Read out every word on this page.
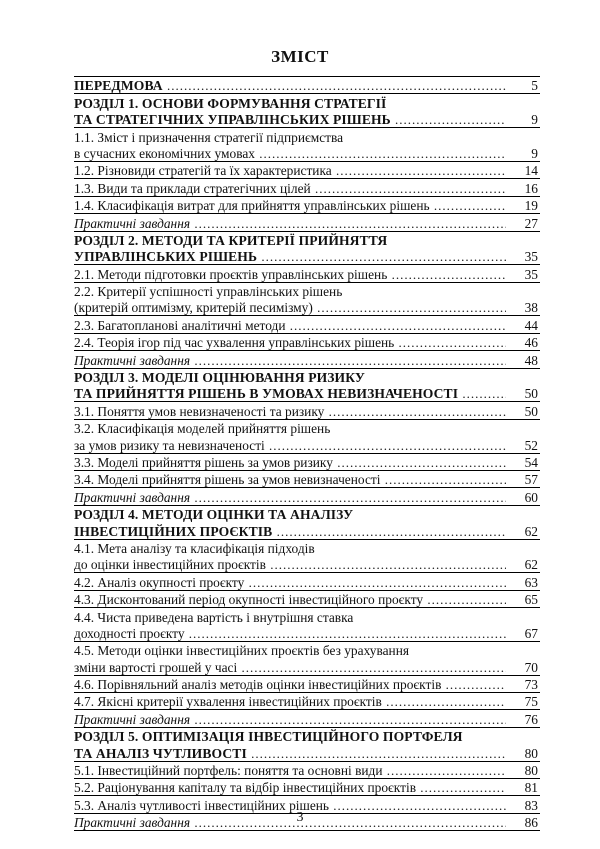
ЗМІСТ
ПЕРЕДМОВА.....	5

РОЗДІЛ 1. ОСНОВИ ФОРМУВАННЯ СТРАТЕГІЇ	

ТА СТРАТЕГІЧНИХ УПРАВЛІНСЬКИХ РІШЕНЬ.....	9

1.1. Зміст і призначення стратегії підприємства	

в сучасних економічних умовах.....	9

1.2. Різновиди стратегій та їх характеристика.....	14

1.3. Види та приклади стратегічних цілей.....	16

1.4. Класифікація витрат для прийняття управлінських рішень.....	19

Практичні завдання.....	27

РОЗДІЛ 2. МЕТОДИ ТА КРИТЕРІЇ ПРИЙНЯТТЯ	

УПРАВЛІНСЬКИХ РІШЕНЬ.....	35

2.1. Методи підготовки проєктів управлінських рішень.....	35

2.2. Критерії успішності управлінських рішень	

(критерій оптимізму, критерій песимізму).....	38

2.3. Багатопланові аналітичні методи.....	44

2.4. Теорія ігор під час ухвалення управлінських рішень.....	46

Практичні завдання.....	48

РОЗДІЛ 3. МОДЕЛІ ОЦІНЮВАННЯ РИЗИКУ	

ТА ПРИЙНЯТТЯ РІШЕНЬ В УМОВАХ НЕВИЗНАЧЕНОСТІ.....	50

3.1. Поняття умов невизначеності та ризику.....	50

3.2. Класифікація моделей прийняття рішень	

за умов ризику та невизначеності.....	52

3.3. Моделі прийняття рішень за умов ризику.....	54

3.4. Моделі прийняття рішень за умов невизначеності.....	57

Практичні завдання.....	60

РОЗДІЛ 4. МЕТОДИ ОЦІНКИ ТА АНАЛІЗУ	

ІНВЕСТИЦІЙНИХ ПРОЄКТІВ.....	62

4.1. Мета аналізу та класифікація підходів	

до оцінки інвестиційних проєктів.....	62

4.2. Аналіз окупності проєкту.....	63

4.3. Дисконтований період окупності інвестиційного проєкту.....	65

4.4. Чиста приведена вартість і внутрішня ставка	

доходності проєкту.....	67

4.5. Методи оцінки інвестиційних проєктів без урахування	

зміни вартості грошей у часі.....	70

4.6. Порівняльний аналіз методів оцінки інвестиційних проєктів.....	73

4.7. Якісні критерії ухвалення інвестиційних проєктів.....	75

Практичні завдання.....	76

РОЗДІЛ 5. ОПТИМІЗАЦІЯ ІНВЕСТИЦІЙНОГО ПОРТФЕЛЯ	

ТА АНАЛІЗ ЧУТЛИВОСТІ.....	80

5.1. Інвестиційний портфель: поняття та основні види.....	80

5.2. Раціонування капіталу та відбір інвестиційних проєктів.....	81

5.3. Аналіз чутливості інвестиційних рішень.....	83

Практичні завдання.....	86
3
